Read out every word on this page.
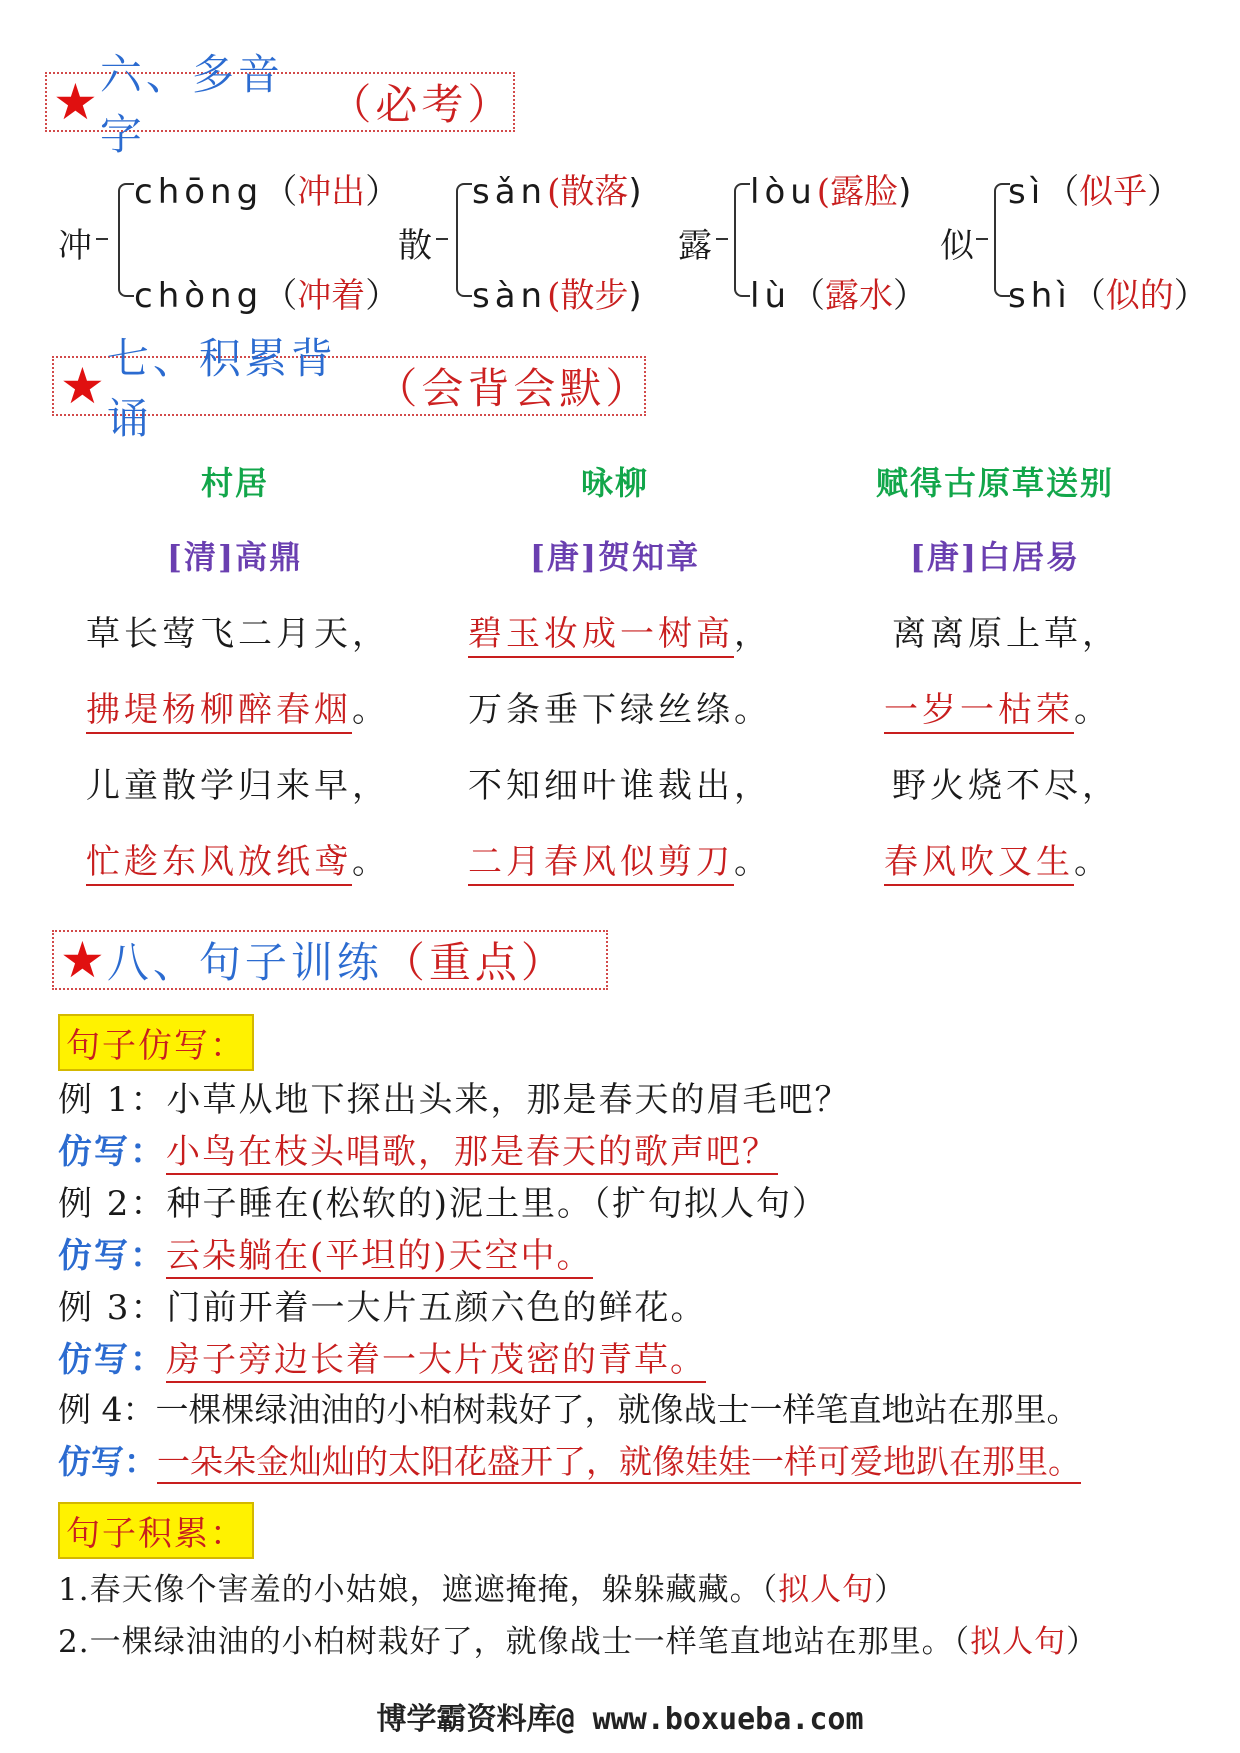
★ 六、多音字
（必考）
冲
chōng（冲出）
chòng（冲着）
散
sǎn(散落)
sàn(散步)
露
lòu(露脸)
lù（露水）
似
sì（似乎）
shì（似的）
★ 七、积累背诵
（会背会默）
村居
[清]高鼎
草长莺飞二月天，
拂堤杨柳醉春烟。
儿童散学归来早，
忙趁东风放纸鸢。
咏柳
[唐]贺知章
碧玉妆成一树高，
万条垂下绿丝绦。
不知细叶谁裁出，
二月春风似剪刀。
赋得古原草送别
[唐]白居易
离离原上草，
一岁一枯荣。
野火烧不尽，
春风吹又生。
★ 八、句子训练 （重点）
句子仿写：
例 1：小草从地下探出头来，那是春天的眉毛吧？
仿写：小鸟在枝头唱歌，那是春天的歌声吧？
例 2：种子睡在(松软的)泥土里。（扩句拟人句）
仿写：云朵躺在(平坦的)天空中。
例 3：门前开着一大片五颜六色的鲜花。
仿写：房子旁边长着一大片茂密的青草。
例 4：一棵棵绿油油的小柏树栽好了，就像战士一样笔直地站在那里。
仿写：一朵朵金灿灿的太阳花盛开了，就像娃娃一样可爱地趴在那里。
句子积累：
1.春天像个害羞的小姑娘，遮遮掩掩，躲躲藏藏。（拟人句）
2.一棵绿油油的小柏树栽好了，就像战士一样笔直地站在那里。（拟人句）
博学霸资料库@ www.boxueba.com
